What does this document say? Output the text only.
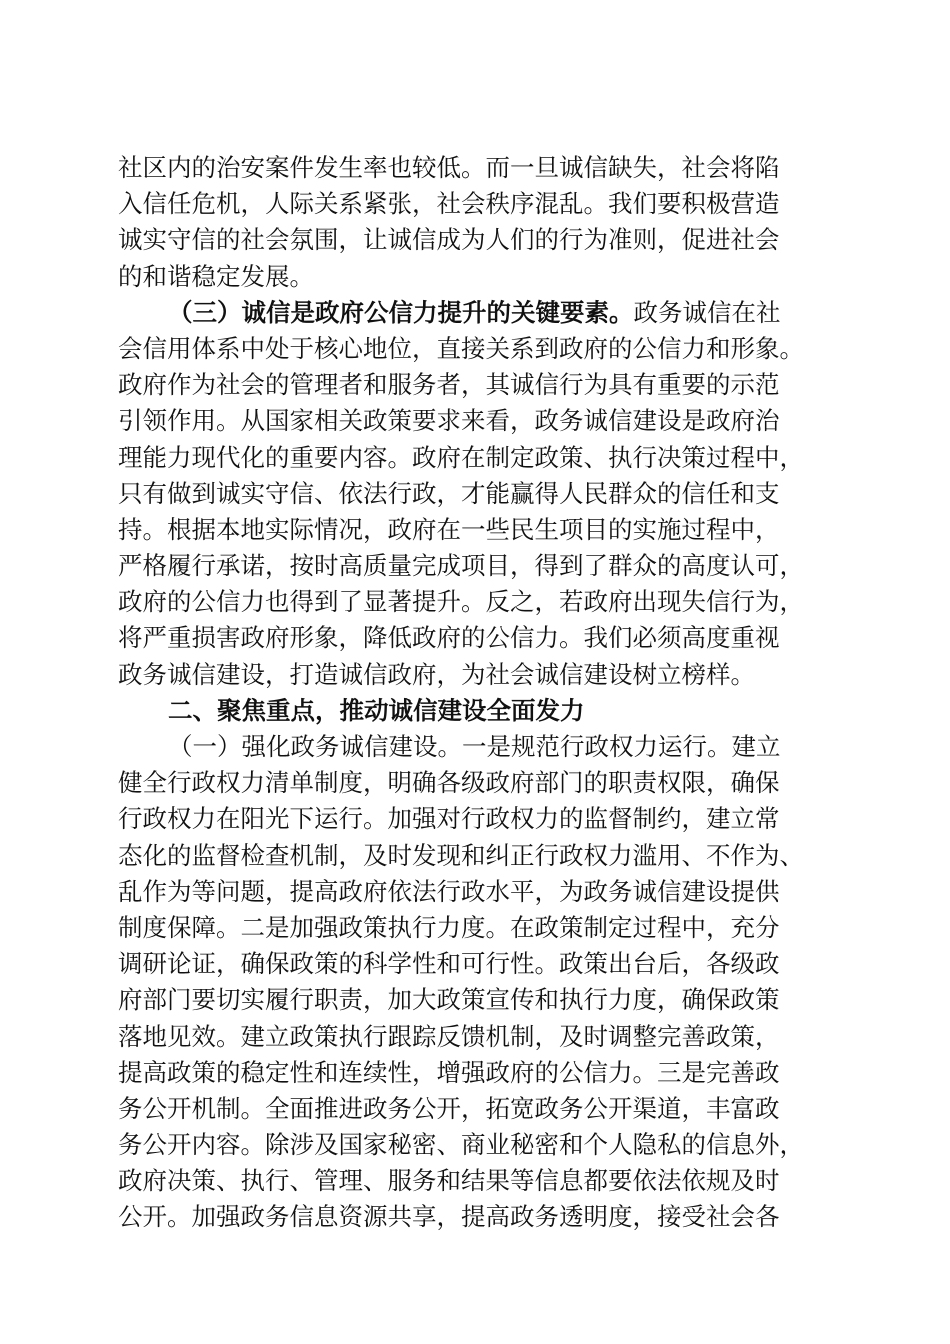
社区内的治安案件发生率也较低。而一旦诚信缺失，社会将陷
入信任危机，人际关系紧张，社会秩序混乱。我们要积极营造
诚实守信的社会氛围，让诚信成为人们的行为准则，促进社会
的和谐稳定发展。
（三）诚信是政府公信力提升的关键要素。政务诚信在社
会信用体系中处于核心地位，直接关系到政府的公信力和形象。
政府作为社会的管理者和服务者，其诚信行为具有重要的示范
引领作用。从国家相关政策要求来看，政务诚信建设是政府治
理能力现代化的重要内容。政府在制定政策、执行决策过程中，
只有做到诚实守信、依法行政，才能赢得人民群众的信任和支
持。根据本地实际情况，政府在一些民生项目的实施过程中，
严格履行承诺，按时高质量完成项目，得到了群众的高度认可，
政府的公信力也得到了显著提升。反之，若政府出现失信行为，
将严重损害政府形象，降低政府的公信力。我们必须高度重视
政务诚信建设，打造诚信政府，为社会诚信建设树立榜样。
二、聚焦重点，推动诚信建设全面发力
（一）强化政务诚信建设。一是规范行政权力运行。建立
健全行政权力清单制度，明确各级政府部门的职责权限，确保
行政权力在阳光下运行。加强对行政权力的监督制约，建立常
态化的监督检查机制，及时发现和纠正行政权力滥用、不作为、
乱作为等问题，提高政府依法行政水平，为政务诚信建设提供
制度保障。二是加强政策执行力度。在政策制定过程中，充分
调研论证，确保政策的科学性和可行性。政策出台后，各级政
府部门要切实履行职责，加大政策宣传和执行力度，确保政策
落地见效。建立政策执行跟踪反馈机制，及时调整完善政策，
提高政策的稳定性和连续性，增强政府的公信力。三是完善政
务公开机制。全面推进政务公开，拓宽政务公开渠道，丰富政
务公开内容。除涉及国家秘密、商业秘密和个人隐私的信息外，
政府决策、执行、管理、服务和结果等信息都要依法依规及时
公开。加强政务信息资源共享，提高政务透明度，接受社会各
